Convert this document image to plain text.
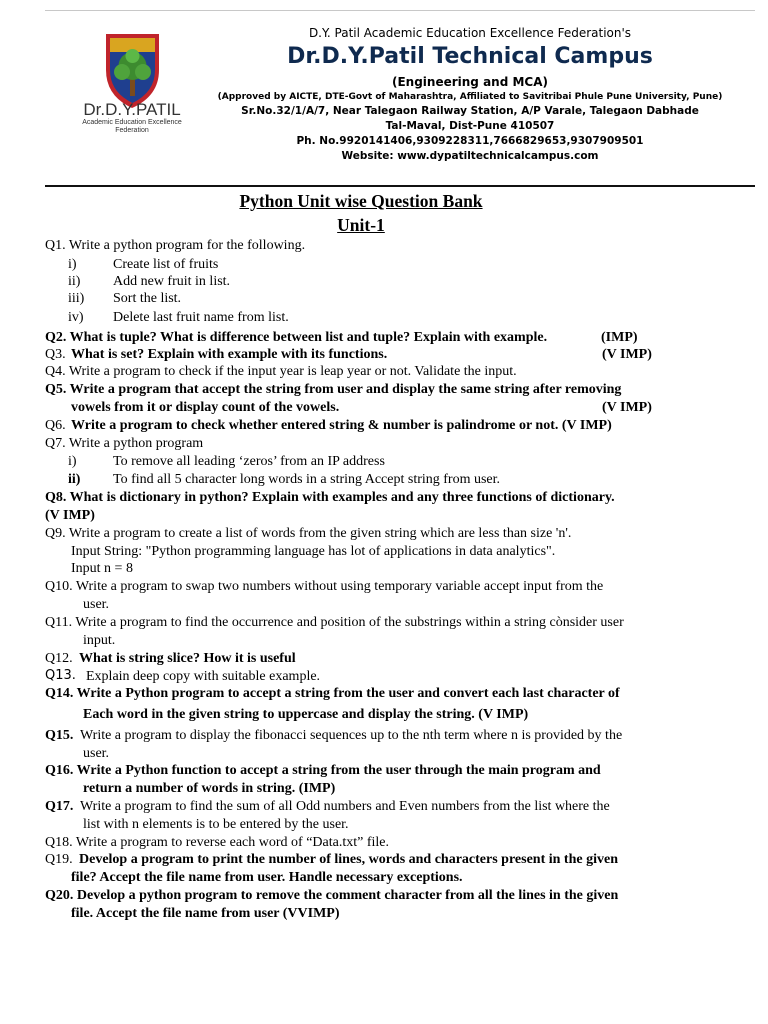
Dr.D.Y.PATIL
Academic Education Excellence
Federation
D.Y. Patil Academic Education Excellence Federation's
Dr.D.Y.Patil Technical Campus
(Engineering and MCA)
(Approved by AICTE, DTE-Govt of Maharashtra, Affiliated to Savitribai Phule Pune University, Pune)
Sr.No.32/1/A/7, Near Talegaon Railway Station, A/P Varale, Talegaon Dabhade
Tal-Maval, Dist-Pune 410507
Ph. No.9920141406,9309228311,7666829653,9307909501
Website: www.dypatiltechnicalcampus.com
Python Unit wise Question Bank
Unit-1
Q1. Write a python program for the following.
i)	Create list of fruits
ii) Add new fruit in list.
iii) Sort the list.
iv) Delete last fruit name from list.
Q2. What is tuple? What is difference between list and tuple? Explain with example.	(IMP)
Q3. What is set? Explain with example with its functions.	(V IMP)
Q4. Write a program to check if the input year is leap year or not. Validate the input.
Q5. Write a program that accept the string from user and display the same string after removing
vowels from it or display count of the vowels.	(V IMP)
Q6. Write a program to check whether entered string & number is palindrome or not. (V IMP)
Q7. Write a python program
i)	To remove all leading ‘zeros’ from an IP address
ii) To find all 5 character long words in a string Accept string from user.
Q8. What is dictionary in python? Explain with examples and any three functions of dictionary.
(V IMP)
Q9. Write a program to create a list of words from the given string which are less than size 'n'.
Input String: "Python programming language has lot of applications in data analytics".
Input n = 8
Q10. Write a program to swap two numbers without using temporary variable accept input from the
user.
Q11. Write a program to find the occurrence and position of the substrings within a string cònsider user
input.
Q12. What is string slice? How it is useful
Q13. Explain deep copy with suitable example.
Q14. Write a Python program to accept a string from the user and convert each last character of
Each word in the given string to uppercase and display the string. (V IMP)
Q15. Write a program to display the fibonacci sequences up to the nth term where n is provided by the
user.
Q16. Write a Python function to accept a string from the user through the main program and
return a number of words in string. (IMP)
Q17. Write a program to find the sum of all Odd numbers and Even numbers from the list where the
list with n elements is to be entered by the user.
Q18. Write a program to reverse each word of “Data.txt” file.
Q19. Develop a program to print the number of lines, words and characters present in the given
file? Accept the file name from user. Handle necessary exceptions.
Q20. Develop a python program to remove the comment character from all the lines in the given
file. Accept the file name from user (VVIMP)
